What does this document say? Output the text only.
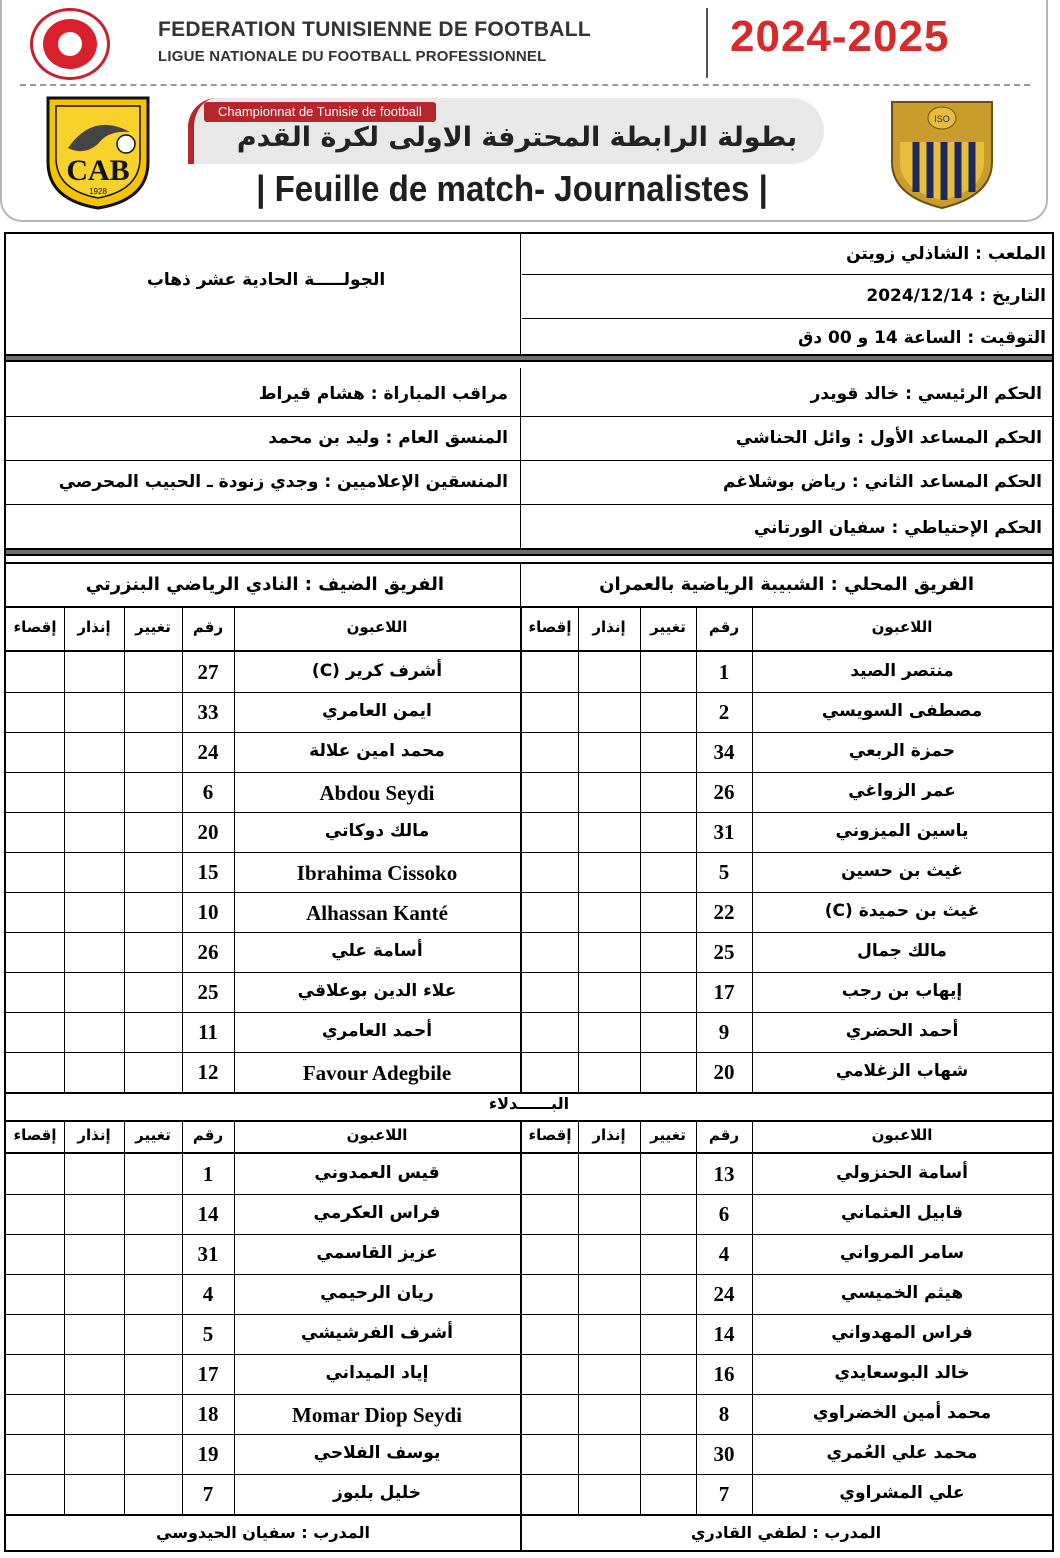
FEDERATION TUNISIENNE DE FOOTBALL
LIGUE NATIONALE DU FOOTBALL PROFESSIONNEL	2024-2025
CAB
1928
Championnat de Tunisie de football
بطولة الرابطة المحترفة الاولى لكرة القدم
| Feuille de match- Journalistes |
ISO
الجولـــــة الحادية عشر ذهاب
الملعب : الشاذلي زويتن
التاريخ : 2024/12/14
التوقيت : الساعة 14 و 00 دق
الحكم الرئيسي : خالد قويدر
الحكم المساعد الأول : وائل الحناشي
الحكم المساعد الثاني : رياض بوشلاغم
الحكم الإحتياطي : سفيان الورتاني
مراقب المباراة : هشام قيراط
المنسق العام : وليد بن محمد
المنسقين الإعلاميين : وجدي زنودة ـ الحبيب المحرصي
الفريق المحلي : الشبيبة الرياضية بالعمران
الفريق الضيف : النادي الرياضي البنزرتي
اللاعبون
رقم
تغيير
إنذار
إقصاء
اللاعبون
رقم
تغيير
إنذار
إقصاء
منتصر الصيد
1
مصطفى السويسي
2
حمزة الربعي
34
عمر الزواغي
26
ياسين الميزوني
31
غيث بن حسين
5
غيث بن حميدة (C)
22
مالك جمال
25
إيهاب بن رجب
17
أحمد الحضري
9
شهاب الزغلامي
20
أشرف كرير (C)
27
ايمن العامري
33
محمد امين علالة
24
Abdou Seydi
6
مالك دوكاتي
20
Ibrahima Cissoko
15
Alhassan Kanté
10
أسامة علي
26
علاء الدين بوعلاقي
25
أحمد العامري
11
Favour Adegbile
12
البــــــدلاء
اللاعبون
رقم
تغيير
إنذار
إقصاء
اللاعبون
رقم
تغيير
إنذار
إقصاء
أسامة الحنزولي
13
قابيل العثماني
6
سامر المرواني
4
هيثم الخميسي
24
فراس المهدواني
14
خالد البوسعايدي
16
محمد أمين الخضراوي
8
محمد علي العُمري
30
علي المشراوي
7
قيس العمدوني
1
فراس العكرمي
14
عزيز القاسمي
31
ريان الرحيمي
4
أشرف الفرشيشي
5
إياد الميداني
17
Momar Diop Seydi
18
يوسف الفلاحي
19
خليل بلبوز
7
المدرب : لطفي القادري
المدرب : سفيان الحيدوسي
